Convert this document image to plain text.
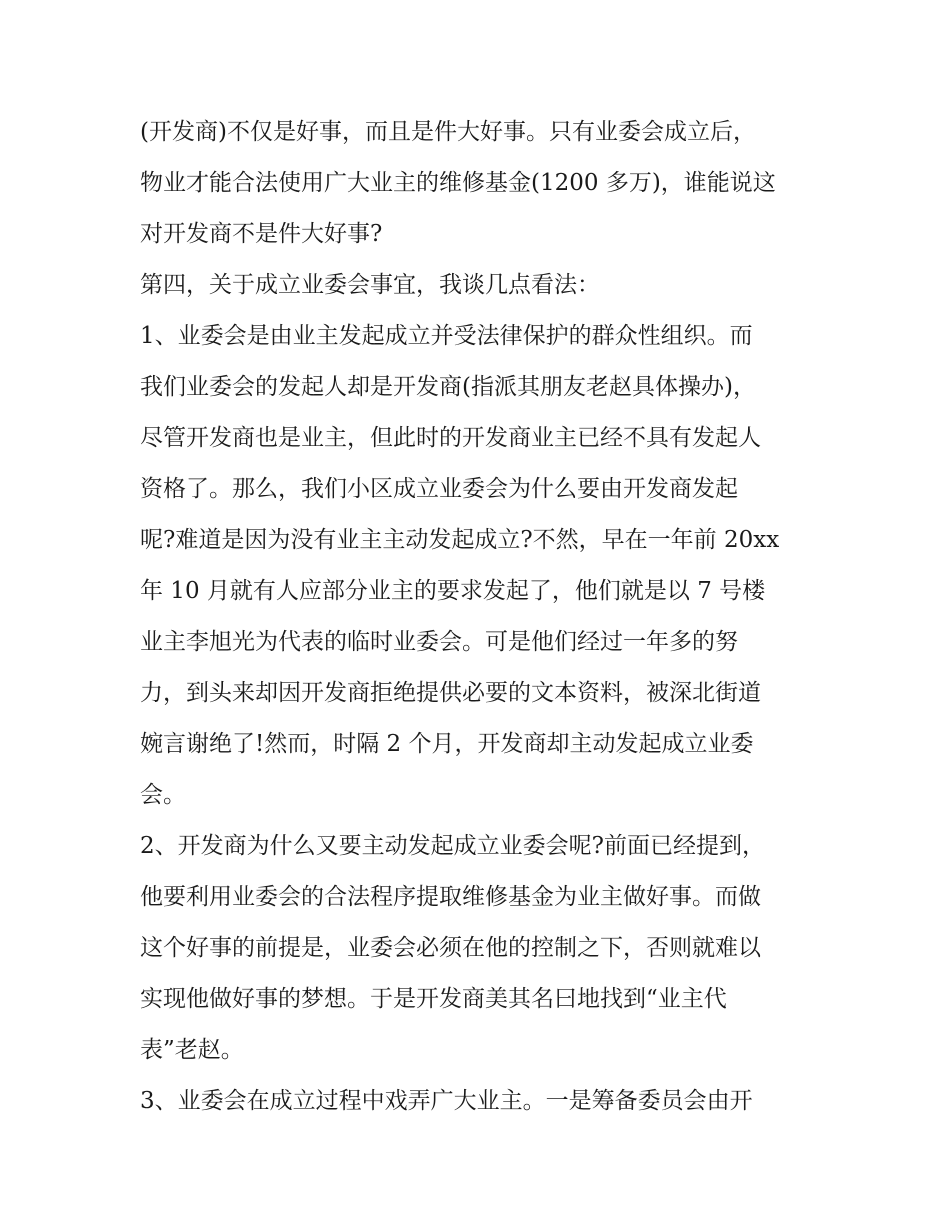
(开发商)不仅是好事，而且是件大好事。只有业委会成立后，
物业才能合法使用广大业主的维修基金(1200 多万)，谁能说这
对开发商不是件大好事?
第四，关于成立业委会事宜，我谈几点看法：
1、业委会是由业主发起成立并受法律保护的群众性组织。而
我们业委会的发起人却是开发商(指派其朋友老赵具体操办)，
尽管开发商也是业主，但此时的开发商业主已经不具有发起人
资格了。那么，我们小区成立业委会为什么要由开发商发起
呢?难道是因为没有业主主动发起成立?不然，早在一年前 20xx
年 10 月就有人应部分业主的要求发起了，他们就是以 7 号楼
业主李旭光为代表的临时业委会。可是他们经过一年多的努
力，到头来却因开发商拒绝提供必要的文本资料，被深北街道
婉言谢绝了!然而，时隔 2 个月，开发商却主动发起成立业委
会。
2、开发商为什么又要主动发起成立业委会呢?前面已经提到，
他要利用业委会的合法程序提取维修基金为业主做好事。而做
这个好事的前提是，业委会必须在他的控制之下，否则就难以
实现他做好事的梦想。于是开发商美其名曰地找到“业主代
表”老赵。
3、业委会在成立过程中戏弄广大业主。一是筹备委员会由开
